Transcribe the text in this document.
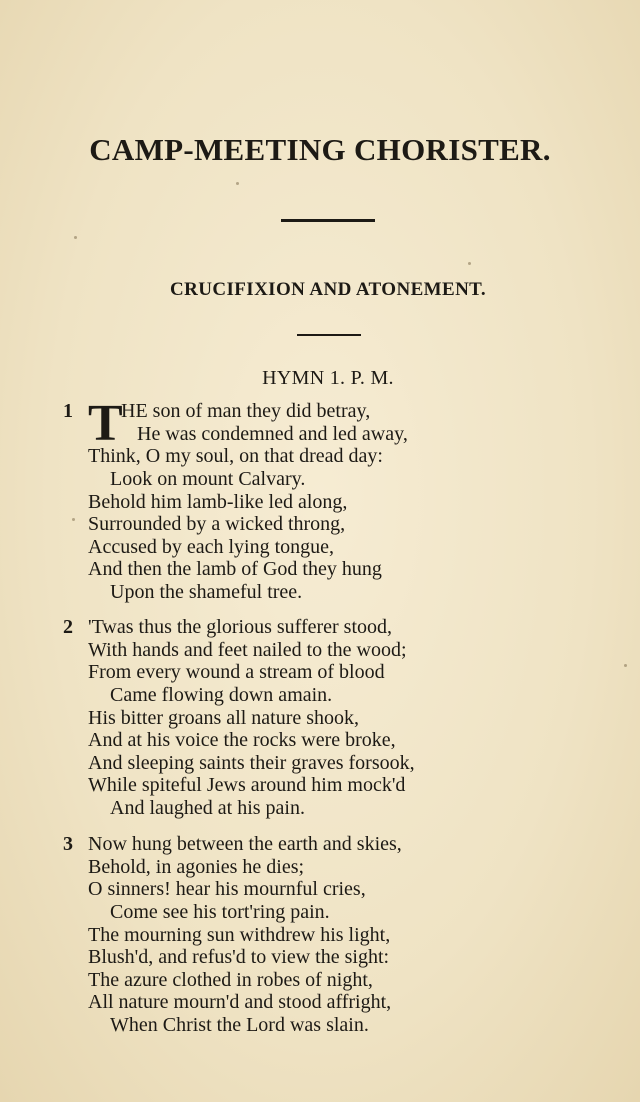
CAMP-MEETING CHORISTER.
CRUCIFIXION AND ATONEMENT.
HYMN 1. P. M.
1 T
HE son of man they did betray,
He was condemned and led away,
Think, O my soul, on that dread day:
Look on mount Calvary.
Behold him lamb-like led along,
Surrounded by a wicked throng,
Accused by each lying tongue,
And then the lamb of God they hung
Upon the shameful tree.
2 'Twas thus the glorious sufferer stood,
With hands and feet nailed to the wood;
From every wound a stream of blood
Came flowing down amain.
His bitter groans all nature shook,
And at his voice the rocks were broke,
And sleeping saints their graves forsook,
While spiteful Jews around him mock'd
And laughed at his pain.
3 Now hung between the earth and skies,
Behold, in agonies he dies;
O sinners! hear his mournful cries,
Come see his tort'ring pain.
The mourning sun withdrew his light,
Blush'd, and refus'd to view the sight:
The azure clothed in robes of night,
All nature mourn'd and stood affright,
When Christ the Lord was slain.
